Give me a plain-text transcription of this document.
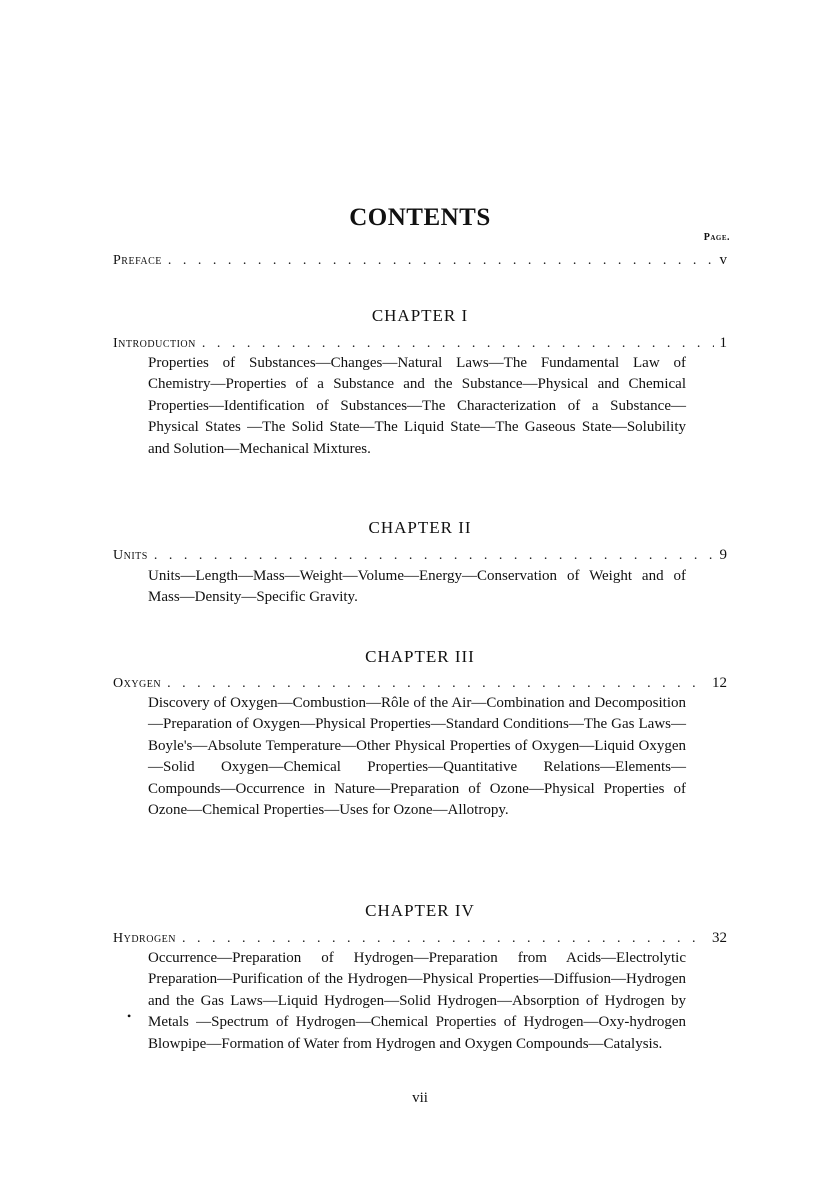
CONTENTS
Page.
Preface . . .	v
CHAPTER I
Introduction . . .	1
Properties of Substances—Changes—Natural Laws—The Fundamental Law of Chemistry—Properties of a Substance and the Substance—Physical and Chemical Properties—Identification of Substances—The Characterization of a Substance—Physical States —The Solid State—The Liquid State—The Gaseous State—Solubility and Solution—Mechanical Mixtures.
CHAPTER II
Units . . .	9
Units—Length—Mass—Weight—Volume—Energy—Conservation of Weight and of Mass—Density—Specific Gravity.
CHAPTER III
Oxygen . . .	12
Discovery of Oxygen—Combustion—Rôle of the Air—Combination and Decomposition—Preparation of Oxygen—Physical Properties—Standard Conditions—The Gas Laws—Boyle's—Absolute Temperature—Other Physical Properties of Oxygen—Liquid Oxygen—Solid Oxygen—Chemical Properties—Quantitative Relations—Elements—Compounds—Occurrence in Nature—Preparation of Ozone—Physical Properties of Ozone—Chemical Properties—Uses for Ozone—Allotropy.
CHAPTER IV
Hydrogen . . .	32
Occurrence—Preparation of Hydrogen—Preparation from Acids—Electrolytic Preparation—Purification of the Hydrogen—Physical Properties—Diffusion—Hydrogen and the Gas Laws—Liquid Hydrogen—Solid Hydrogen—Absorption of Hydrogen by Metals —Spectrum of Hydrogen—Chemical Properties of Hydrogen—Oxy-hydrogen Blowpipe—Formation of Water from Hydrogen and Oxygen Compounds—Catalysis.
•
vii
